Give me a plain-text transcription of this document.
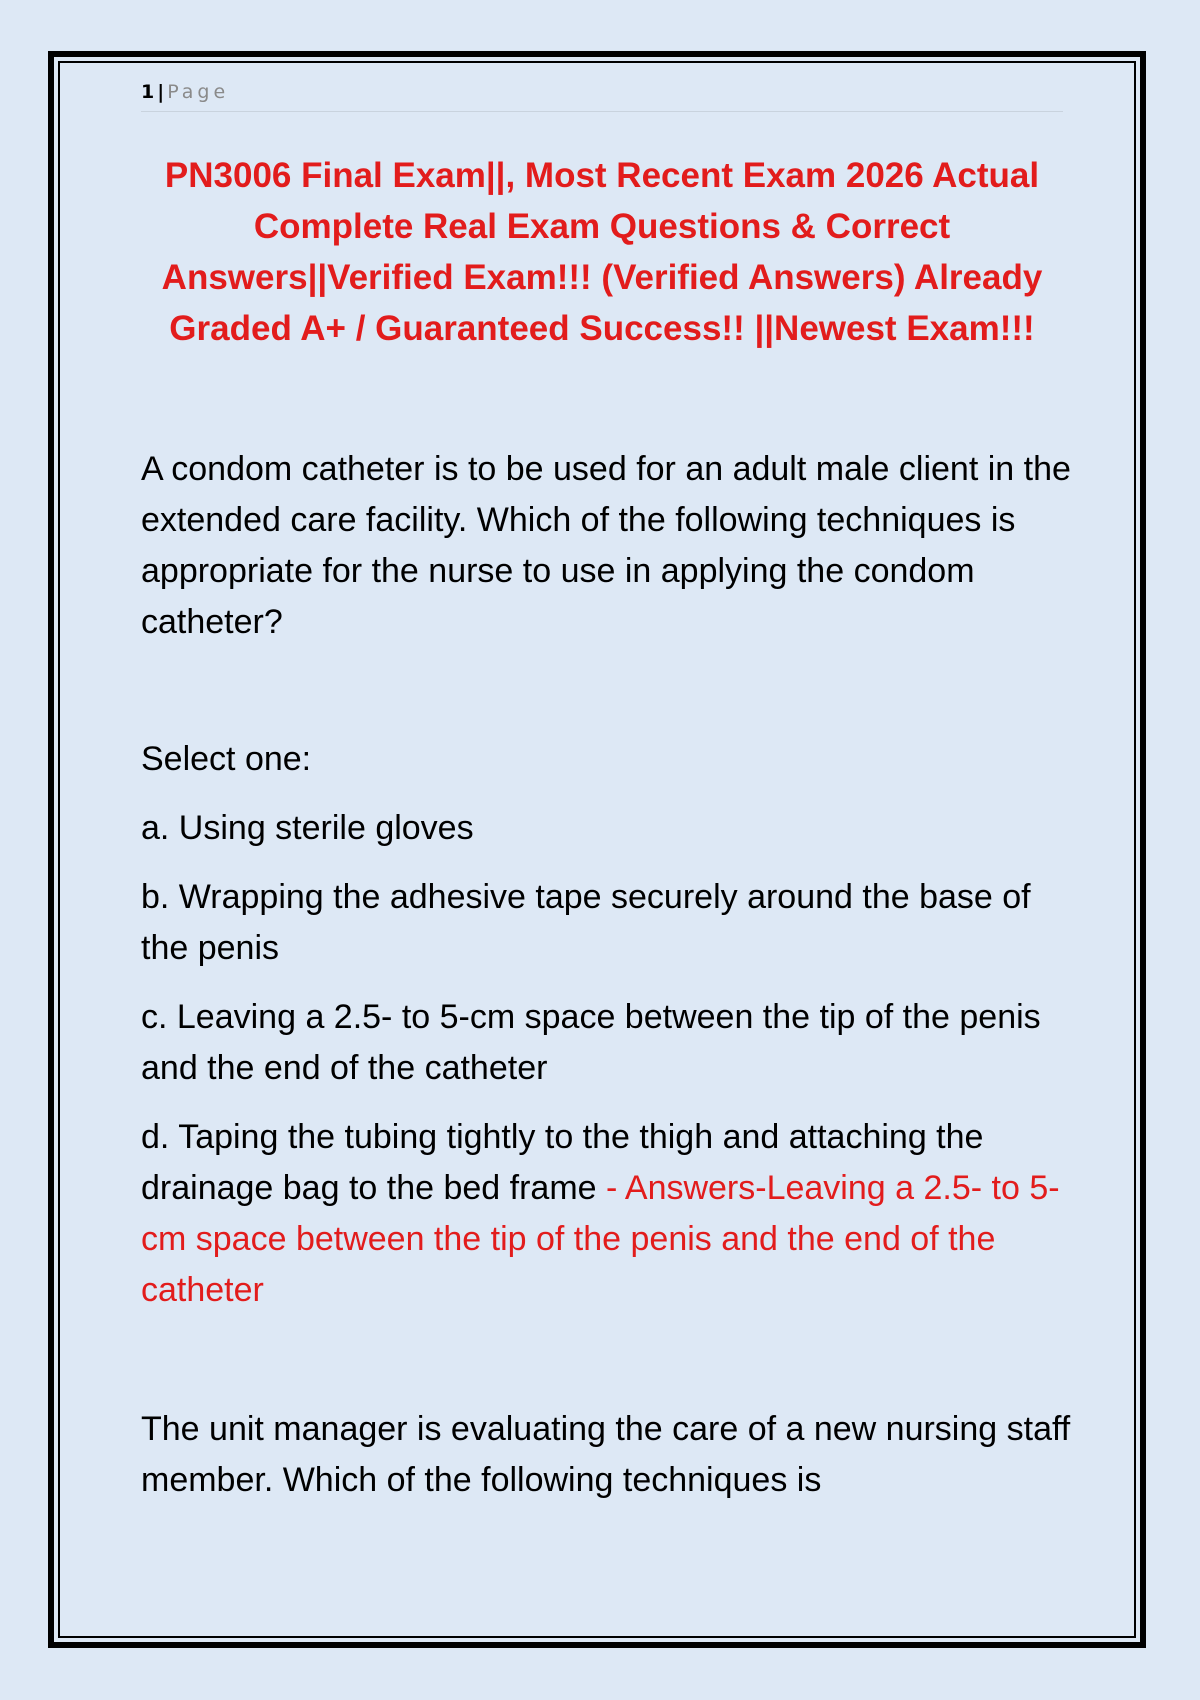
1 | Page
PN3006 Final Exam||, Most Recent Exam 2026 Actual Complete Real Exam Questions & Correct Answers||Verified Exam!!! (Verified Answers) Already Graded A+ / Guaranteed Success!! ||Newest Exam!!!

A condom catheter is to be used for an adult male client in the extended care facility. Which of the following techniques is appropriate for the nurse to use in applying the condom catheter?

Select one:

a. Using sterile gloves

b. Wrapping the adhesive tape securely around the base of the penis

c. Leaving a 2.5- to 5-cm space between the tip of the penis and the end of the catheter

d. Taping the tubing tightly to the thigh and attaching the drainage bag to the bed frame - Answers-Leaving a 2.5- to 5-cm space between the tip of the penis and the end of the catheter

The unit manager is evaluating the care of a new nursing staff member. Which of the following techniques is
